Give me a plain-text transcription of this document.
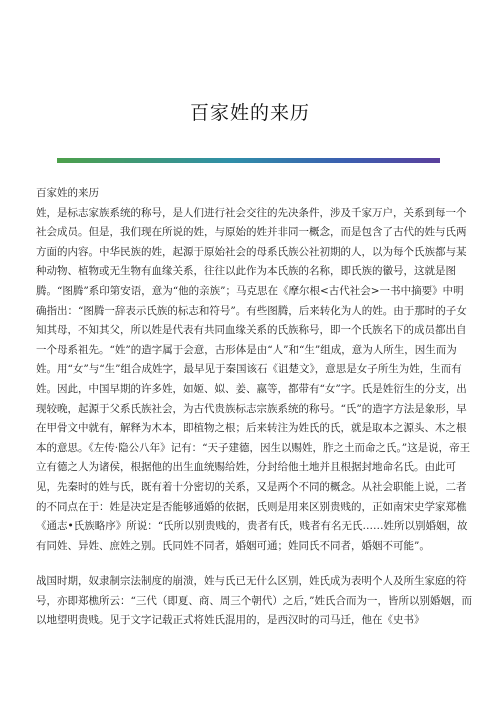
百家姓的来历

百家姓的来历

姓，是标志家族系统的称号，是人们进行社会交往的先决条件，涉及千家万户，关系到每一个社会成员。但是，我们现在所说的姓，与原始的姓并非同一概念，而是包含了古代的姓与氏两方面的内容。中华民族的姓，起源于原始社会的母系氏族公社初期的人，以为每个氏族都与某种动物、植物或无生物有血缘关系，往往以此作为本氏族的名称，即氏族的徽号，这就是图腾。“图腾”系印第安语，意为“他的亲族”；马克思在《摩尔根<古代社会>一书中摘要》中明确指出：“图腾一辞表示氏族的标志和符号”。有些图腾，后来转化为人的姓。由于那时的子女知其母，不知其父，所以姓是代表有共同血缘关系的氏族称号，即一个氏族名下的成员都出自一个母系祖先。“姓”的造字属于会意，古形体是由“人”和“生”组成，意为人所生，因生而为姓。用“女”与“生”组合成姓字，最早见于秦国该石《诅楚文》，意思是女子所生为姓，生而有姓。因此，中国早期的许多姓，如姬、姒、姜、嬴等，都带有“女”字。氏是姓衍生的分支，出现较晚，起源于父系氏族社会，为古代贵族标志宗族系统的称号。“氏”的造字方法是象形，早在甲骨文中就有，解释为木本，即植物之根；后来转注为姓氏的氏，就是取本之源头、木之根本的意思。《左传·隐公八年》记有：“天子建德，因生以赐姓，胙之土而命之氏。”这是说，帝王立有德之人为诸侯，根据他的出生血统赐给姓，分封给他土地并且根据封地命名氏。由此可见，先秦时的姓与氏，既有着十分密切的关系，又是两个不同的概念。从社会职能上说，二者的不同点在于：姓是决定是否能够通婚的依据，氏则是用来区别贵贱的，正如南宋史学家郑樵《通志•氏族略序》所说：“氏所以别贵贱的，贵者有氏，贱者有名无氏……姓所以别婚姻，故有同姓、异姓、庶姓之别。氏同姓不同者，婚姻可通；姓同氏不同者，婚姻不可能”。

战国时期，奴隶制宗法制度的崩溃，姓与氏已无什么区别，姓氏成为表明个人及所生家庭的符号，亦即郑樵所云：“三代（即夏、商、周三个朝代）之后，”姓氏合而为一，皆所以别婚姻，而以地望明贵贱。见于文字记载正式将姓氏混用的，是西汉时的司马迁，他在《史书》
